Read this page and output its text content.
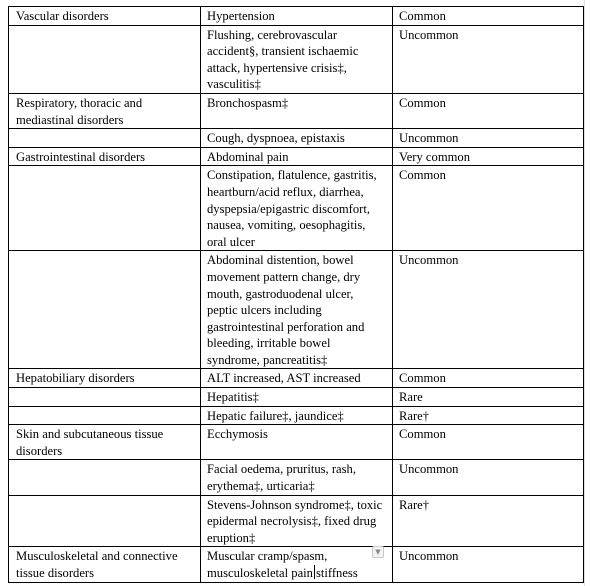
Vascular disorders	Hypertension	Common
	Flushing, cerebrovascular accident§, transient ischaemic attack, hypertensive crisis‡, vasculitis‡	Uncommon
Respiratory, thoracic and mediastinal disorders	Bronchospasm‡	Common
	Cough, dyspnoea, epistaxis	Uncommon
Gastrointestinal disorders	Abdominal pain	Very common
	Constipation, flatulence, gastritis, heartburn/acid reflux, diarrhea, dyspepsia/epigastric discomfort, nausea, vomiting, oesophagitis, oral ulcer	Common
	Abdominal distention, bowel movement pattern change, dry mouth, gastroduodenal ulcer, peptic ulcers including gastrointestinal perforation and bleeding, irritable bowel syndrome, pancreatitis‡	Uncommon
Hepatobiliary disorders	ALT increased, AST increased	Common
	Hepatitis‡	Rare
	Hepatic failure‡, jaundice‡	Rare†
Skin and subcutaneous tissue disorders	Ecchymosis	Common
	Facial oedema, pruritus, rash, erythema‡, urticaria‡	Uncommon
	Stevens-Johnson syndrome‡, toxic epidermal necrolysis‡, fixed drug eruption‡	Rare†
Musculoskeletal and connective tissue disorders	Muscular cramp/spasm, musculoskeletal pain stiffness	Uncommon
▼
